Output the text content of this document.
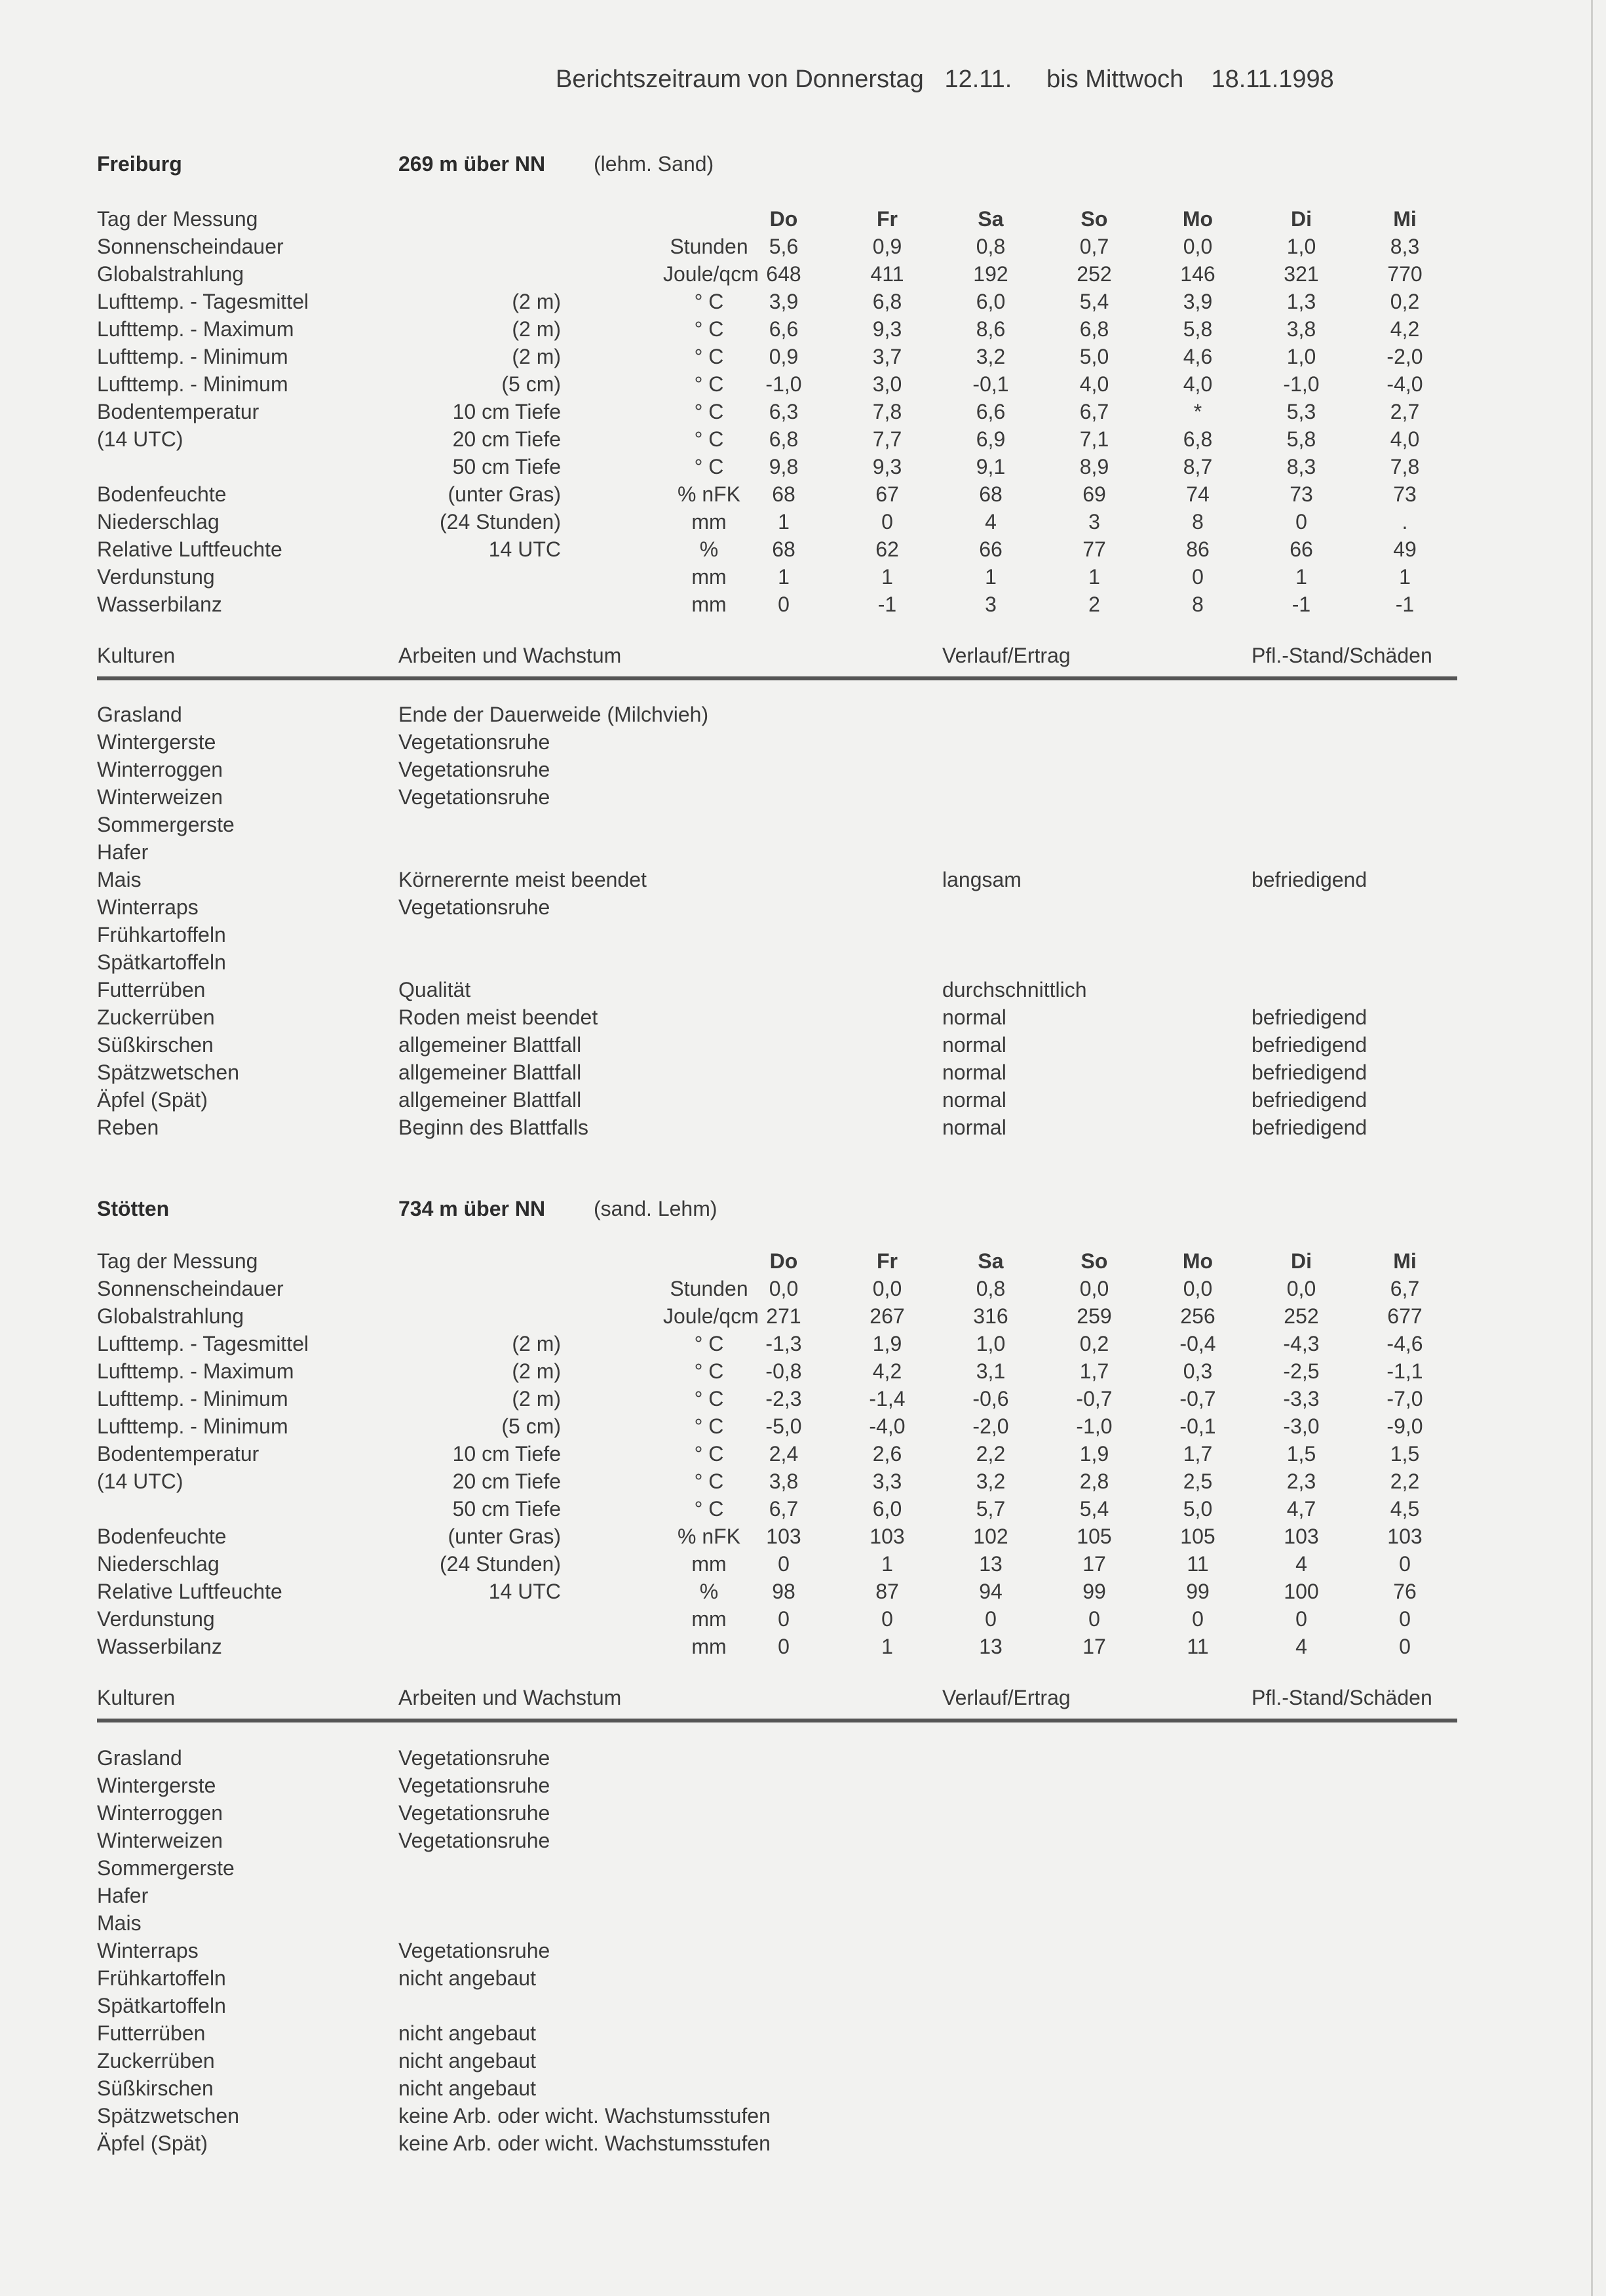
Berichtszeitraum von Donnerstag 12.11. bis Mittwoch 18.11.1998
Freiburg	269 m über NN (lehm. Sand)
Tag der Messung	Do	Fr	Sa	So	Mo	Di	Mi
Sonnenscheindauer	Stunden	5,6	0,9	0,8	0,7	0,0	1,0	8,3
Globalstrahlung	Joule/qcm 648	411	192	252	146	321	770
Lufttemp. - Tagesmittel	(2 m)	° C	3,9	6,8	6,0	5,4	3,9	1,3	0,2
Lufttemp. - Maximum	(2 m)	° C	6,6	9,3	8,6	6,8	5,8	3,8	4,2
Lufttemp. - Minimum	(2 m)	° C	0,9	3,7	3,2	5,0	4,6	1,0	-2,0
Lufttemp. - Minimum	(5 cm)	° C	-1,0	3,0	-0,1	4,0	4,0	-1,0	-4,0
Bodentemperatur	10 cm Tiefe	° C	6,3	7,8	6,6	6,7	*	5,3	2,7
(14 UTC)	20 cm Tiefe	° C	6,8	7,7	6,9	7,1	6,8	5,8	4,0
50 cm Tiefe	° C	9,8	9,3	9,1	8,9	8,7	8,3	7,8
Bodenfeuchte	(unter Gras)	% nFK	68	67	68	69	74	73	73
Niederschlag	(24 Stunden)	mm	1	0	4	3	8	0	.
Relative Luftfeuchte	14 UTC	%	68	62	66	77	86	66	49
Verdunstung	mm	1	1	1	1	0	1	1
Wasserbilanz	mm	0	-1	3	2	8	-1	-1
Kulturen	Arbeiten und Wachstum	Verlauf/Ertrag	Pfl.-Stand/Schäden
Grasland	Ende der Dauerweide (Milchvieh)
Wintergerste	Vegetationsruhe
Winterroggen	Vegetationsruhe
Winterweizen	Vegetationsruhe
Sommergerste
Hafer
Mais	Körnerernte meist beendet	langsam	befriedigend
Winterraps	Vegetationsruhe
Frühkartoffeln
Spätkartoffeln
Futterrüben	Qualität	durchschnittlich
Zuckerrüben	Roden meist beendet	normal	befriedigend
Süßkirschen	allgemeiner Blattfall	normal	befriedigend
Spätzwetschen	allgemeiner Blattfall	normal	befriedigend
Äpfel (Spät)	allgemeiner Blattfall	normal	befriedigend
Reben	Beginn des Blattfalls	normal	befriedigend
Stötten	734 m über NN (sand. Lehm)
Tag der Messung	Do	Fr	Sa	So	Mo	Di	Mi
Sonnenscheindauer	Stunden	0,0	0,0	0,8	0,0	0,0	0,0	6,7
Globalstrahlung	Joule/qcm 271	267	316	259	256	252	677
Lufttemp. - Tagesmittel	(2 m)	° C	-1,3	1,9	1,0	0,2	-0,4	-4,3	-4,6
Lufttemp. - Maximum	(2 m)	° C	-0,8	4,2	3,1	1,7	0,3	-2,5	-1,1
Lufttemp. - Minimum	(2 m)	° C	-2,3	-1,4	-0,6	-0,7	-0,7	-3,3	-7,0
Lufttemp. - Minimum	(5 cm)	° C	-5,0	-4,0	-2,0	-1,0	-0,1	-3,0	-9,0
Bodentemperatur	10 cm Tiefe	° C	2,4	2,6	2,2	1,9	1,7	1,5	1,5
(14 UTC)	20 cm Tiefe	° C	3,8	3,3	3,2	2,8	2,5	2,3	2,2
50 cm Tiefe	° C	6,7	6,0	5,7	5,4	5,0	4,7	4,5
Bodenfeuchte	(unter Gras)	% nFK	103	103	102	105	105	103	103
Niederschlag	(24 Stunden)	mm	0	1	13	17	11	4	0
Relative Luftfeuchte	14 UTC	%	98	87	94	99	99	100	76
Verdunstung	mm	0	0	0	0	0	0	0
Wasserbilanz	mm	0	1	13	17	11	4	0
Kulturen	Arbeiten und Wachstum	Verlauf/Ertrag	Pfl.-Stand/Schäden
Grasland	Vegetationsruhe
Wintergerste	Vegetationsruhe
Winterroggen	Vegetationsruhe
Winterweizen	Vegetationsruhe
Sommergerste
Hafer
Mais
Winterraps	Vegetationsruhe
Frühkartoffeln	nicht angebaut
Spätkartoffeln
Futterrüben	nicht angebaut
Zuckerrüben	nicht angebaut
Süßkirschen	nicht angebaut
Spätzwetschen	keine Arb. oder wicht. Wachstumsstufen
Äpfel (Spät)	keine Arb. oder wicht. Wachstumsstufen
